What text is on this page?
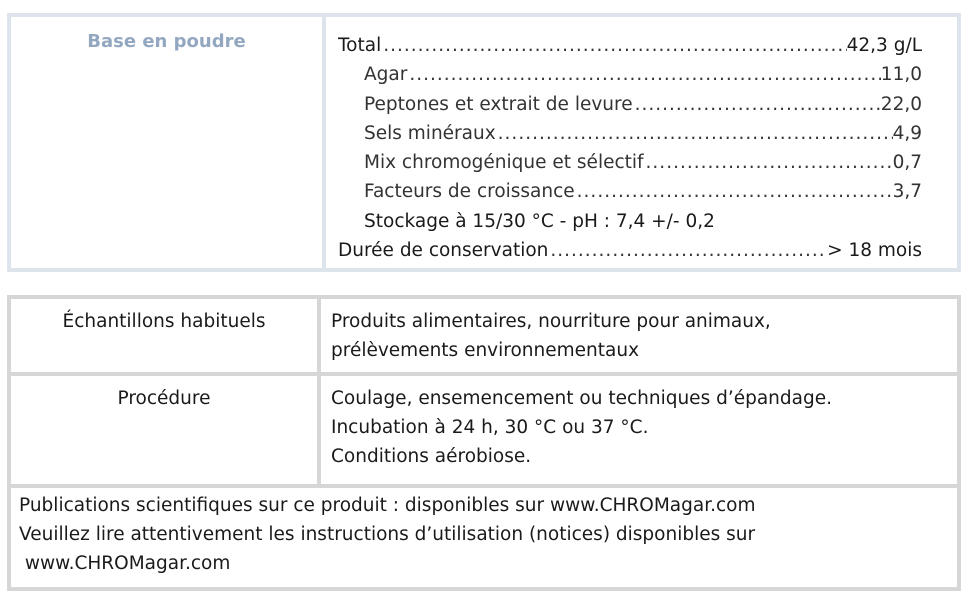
Base en poudre	Total .....	42,3 g/L
Agar .....	11,0
Peptones et extrait de levure .....	22,0
Sels minéraux .....	4,9
Mix chromogénique et sélectif .....	0,7
Facteurs de croissance .....	3,7
Stockage à 15/30 °C - pH : 7,4 +/- 0,2
Durée de conservation .....	> 18 mois
Échantillons habituels	Produits alimentaires, nourriture pour animaux,
prélèvements environnementaux
Procédure	Coulage, ensemencement ou techniques d’épandage.
Incubation à 24 h, 30 °C ou 37 °C.
Conditions aérobiose.
Publications scientifiques sur ce produit : disponibles sur www.CHROMagar.com
Veuillez lire attentivement les instructions d’utilisation (notices) disponibles sur
www.CHROMagar.com
